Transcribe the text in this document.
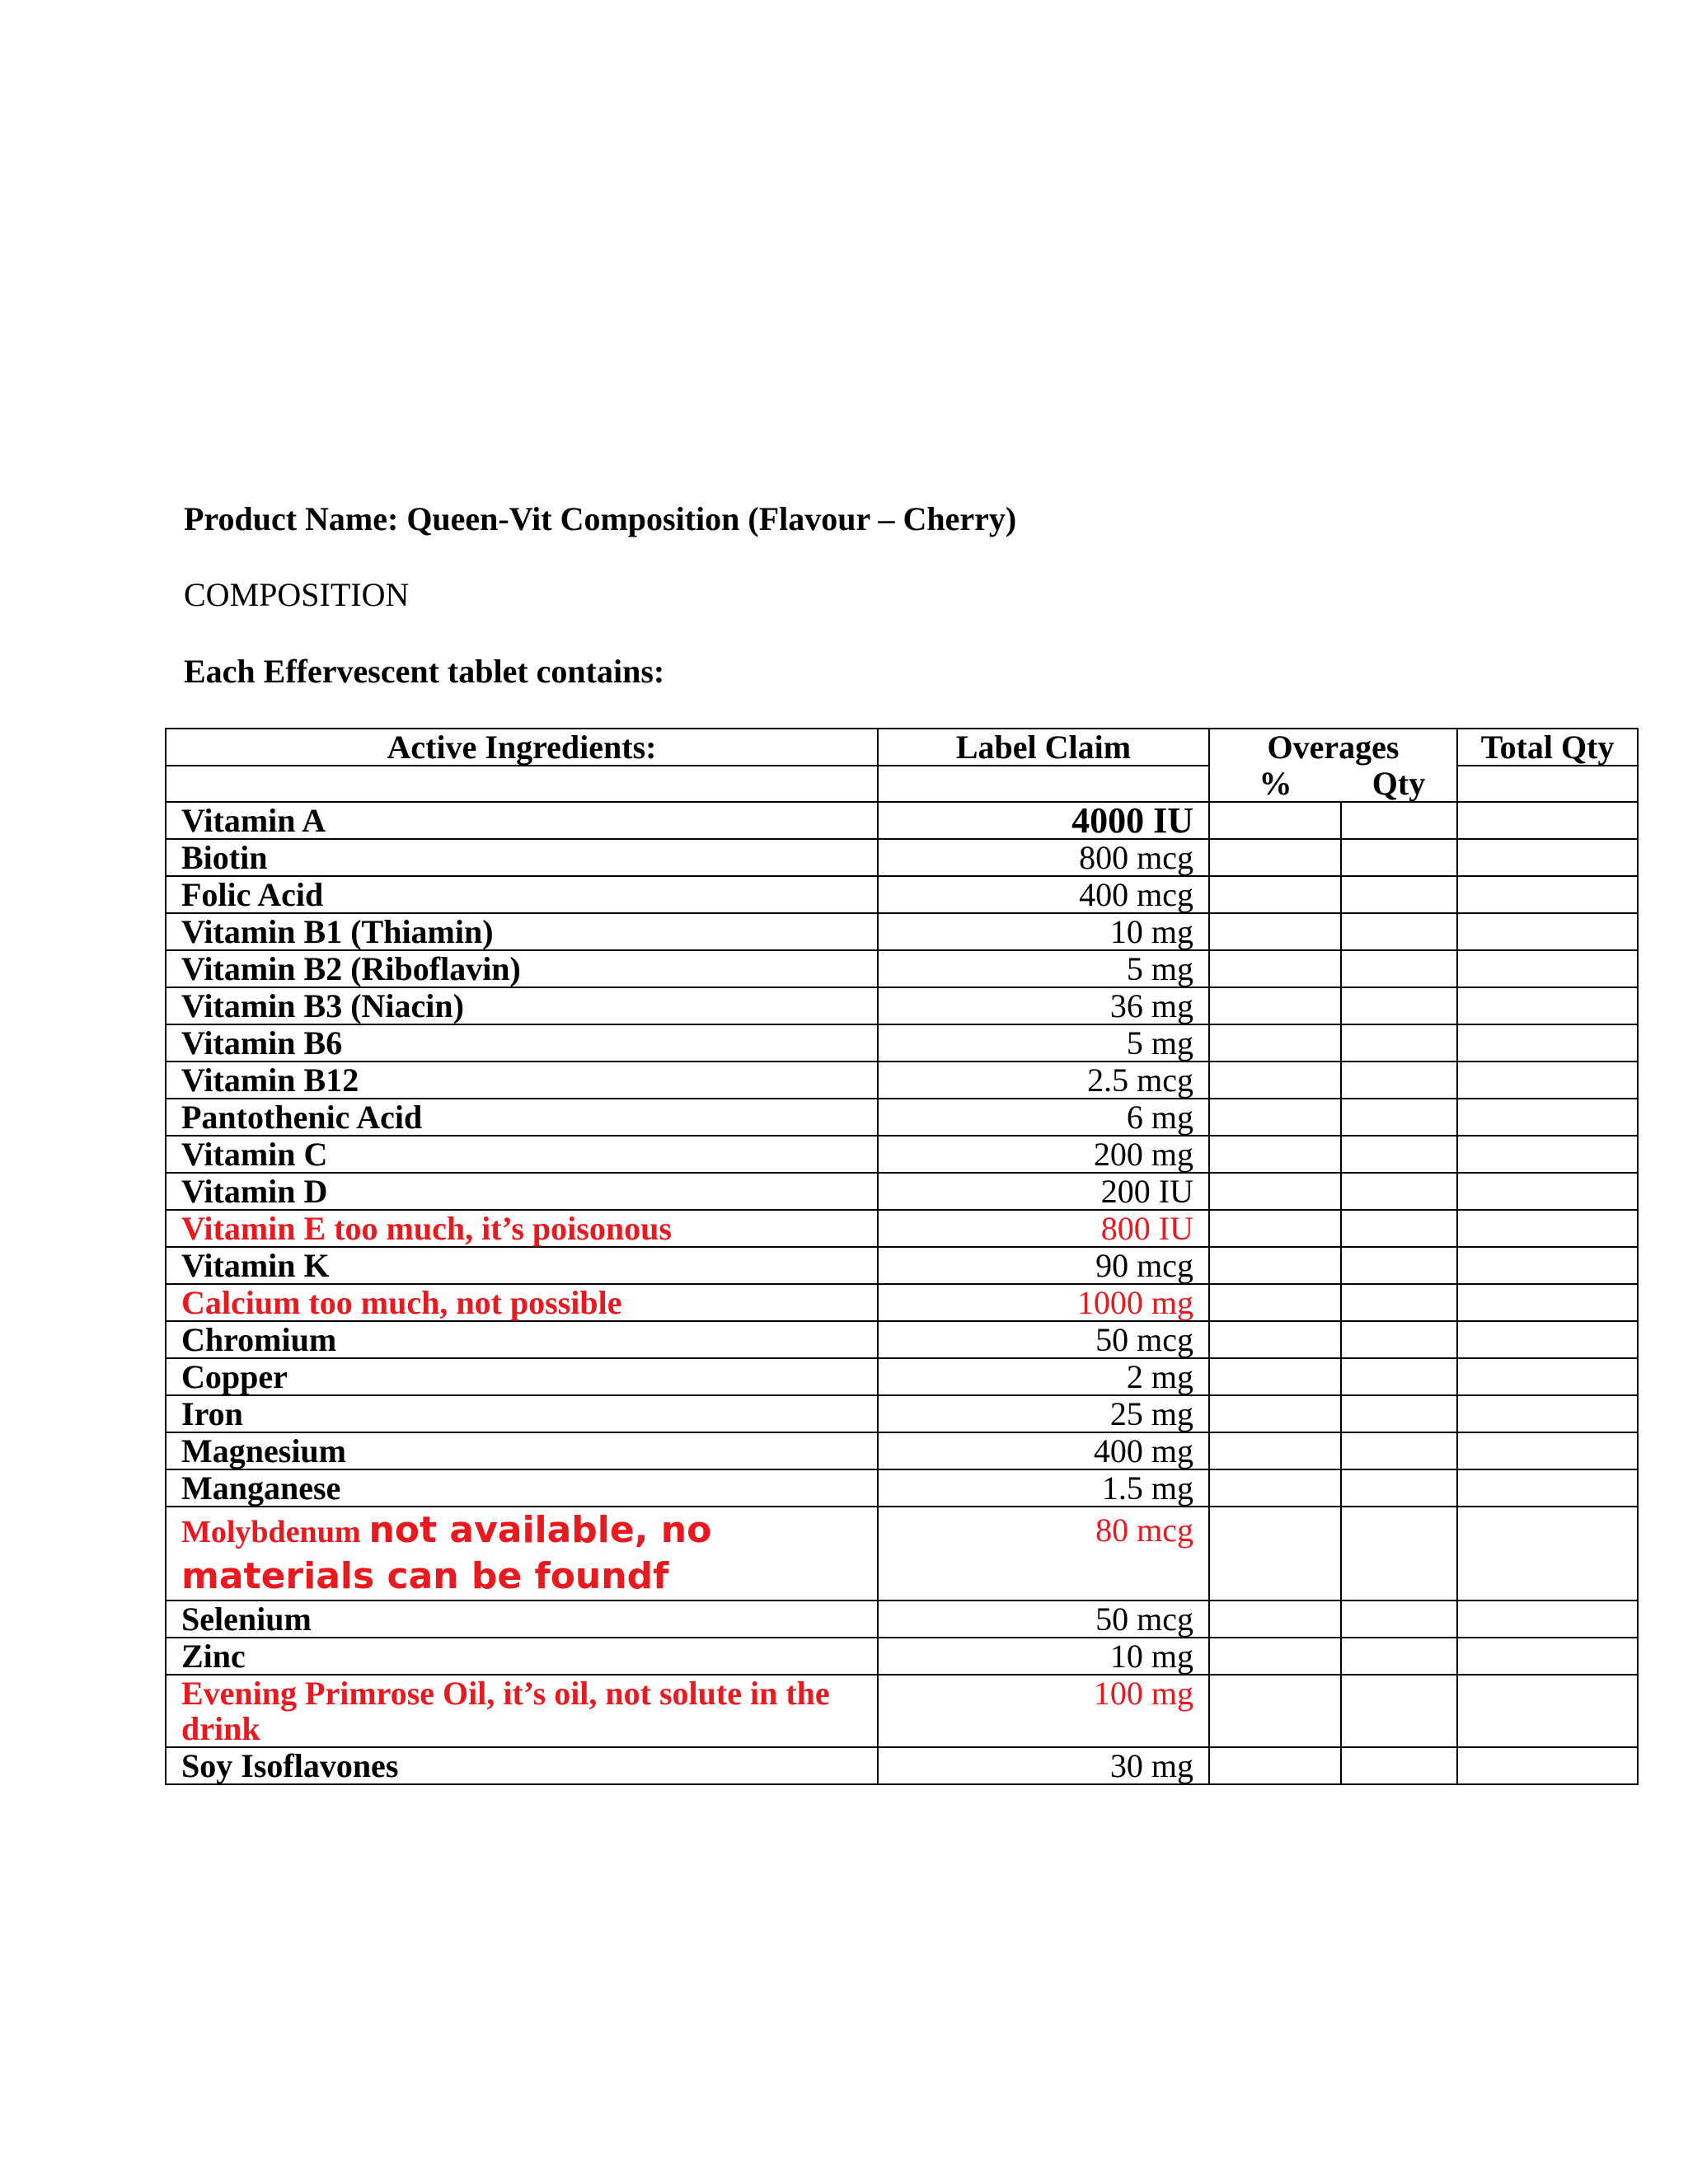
Product Name: Queen-Vit Composition (Flavour – Cherry)
COMPOSITION
Each Effervescent tablet contains:
Active Ingredients:	Label Claim	Overages		Total Qty
		%	Qty	
Vitamin A	4000 IU			
Biotin	800 mcg			
Folic Acid	400 mcg			
Vitamin B1 (Thiamin)	10 mg			
Vitamin B2 (Riboflavin)	5 mg			
Vitamin B3 (Niacin)	36 mg			
Vitamin B6	5 mg			
Vitamin B12	2.5 mcg			
Pantothenic Acid	6 mg			
Vitamin C	200 mg			
Vitamin D	200 IU			
Vitamin E too much, it’s poisonous	800 IU			
Vitamin K	90 mcg			
Calcium too much, not possible	1000 mg			
Chromium	50 mcg			
Copper	2 mg			
Iron	25 mg			
Magnesium	400 mg			
Manganese	1.5 mg			
Molybdenum not available, no materials can be foundf	80 mcg			
Selenium	50 mcg			
Zinc	10 mg			
Evening Primrose Oil, it’s oil, not solute in the drink	100 mg			
Soy Isoflavones	30 mg			
